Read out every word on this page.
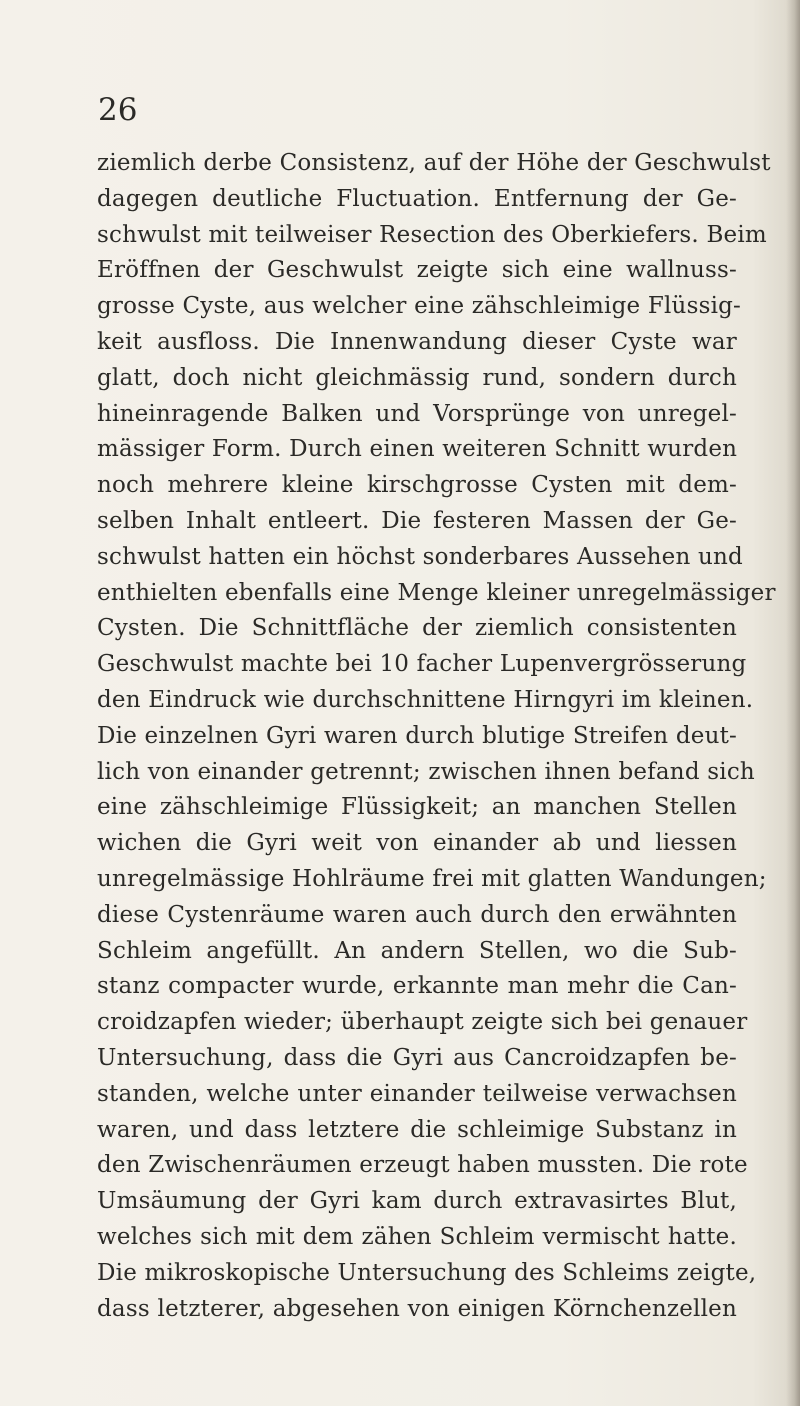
26
ziemlich derbe Consistenz, auf der Höhe der Geschwulst
dagegen deutliche Fluctuation. Entfernung der Ge-
schwulst mit teilweiser Resection des Oberkiefers. Beim
Eröffnen der Geschwulst zeigte sich eine wallnuss-
grosse Cyste, aus welcher eine zähschleimige Flüssig-
keit ausfloss. Die Innenwandung dieser Cyste war
glatt, doch nicht gleichmässig rund, sondern durch
hineinragende Balken und Vorsprünge von unregel-
mässiger Form. Durch einen weiteren Schnitt wurden
noch mehrere kleine kirschgrosse Cysten mit dem-
selben Inhalt entleert. Die festeren Massen der Ge-
schwulst hatten ein höchst sonderbares Aussehen und
enthielten ebenfalls eine Menge kleiner unregelmässiger
Cysten. Die Schnittfläche der ziemlich consistenten
Geschwulst machte bei 10 facher Lupenvergrösserung
den Eindruck wie durchschnittene Hirngyri im kleinen.
Die einzelnen Gyri waren durch blutige Streifen deut-
lich von einander getrennt; zwischen ihnen befand sich
eine zähschleimige Flüssigkeit; an manchen Stellen
wichen die Gyri weit von einander ab und liessen
unregelmässige Hohlräume frei mit glatten Wandungen;
diese Cystenräume waren auch durch den erwähnten
Schleim angefüllt. An andern Stellen, wo die Sub-
stanz compacter wurde, erkannte man mehr die Can-
croidzapfen wieder; überhaupt zeigte sich bei genauer
Untersuchung, dass die Gyri aus Cancroidzapfen be-
standen, welche unter einander teilweise verwachsen
waren, und dass letztere die schleimige Substanz in
den Zwischenräumen erzeugt haben mussten. Die rote
Umsäumung der Gyri kam durch extravasirtes Blut,
welches sich mit dem zähen Schleim vermischt hatte.
Die mikroskopische Untersuchung des Schleims zeigte,
dass letzterer, abgesehen von einigen Körnchenzellen
